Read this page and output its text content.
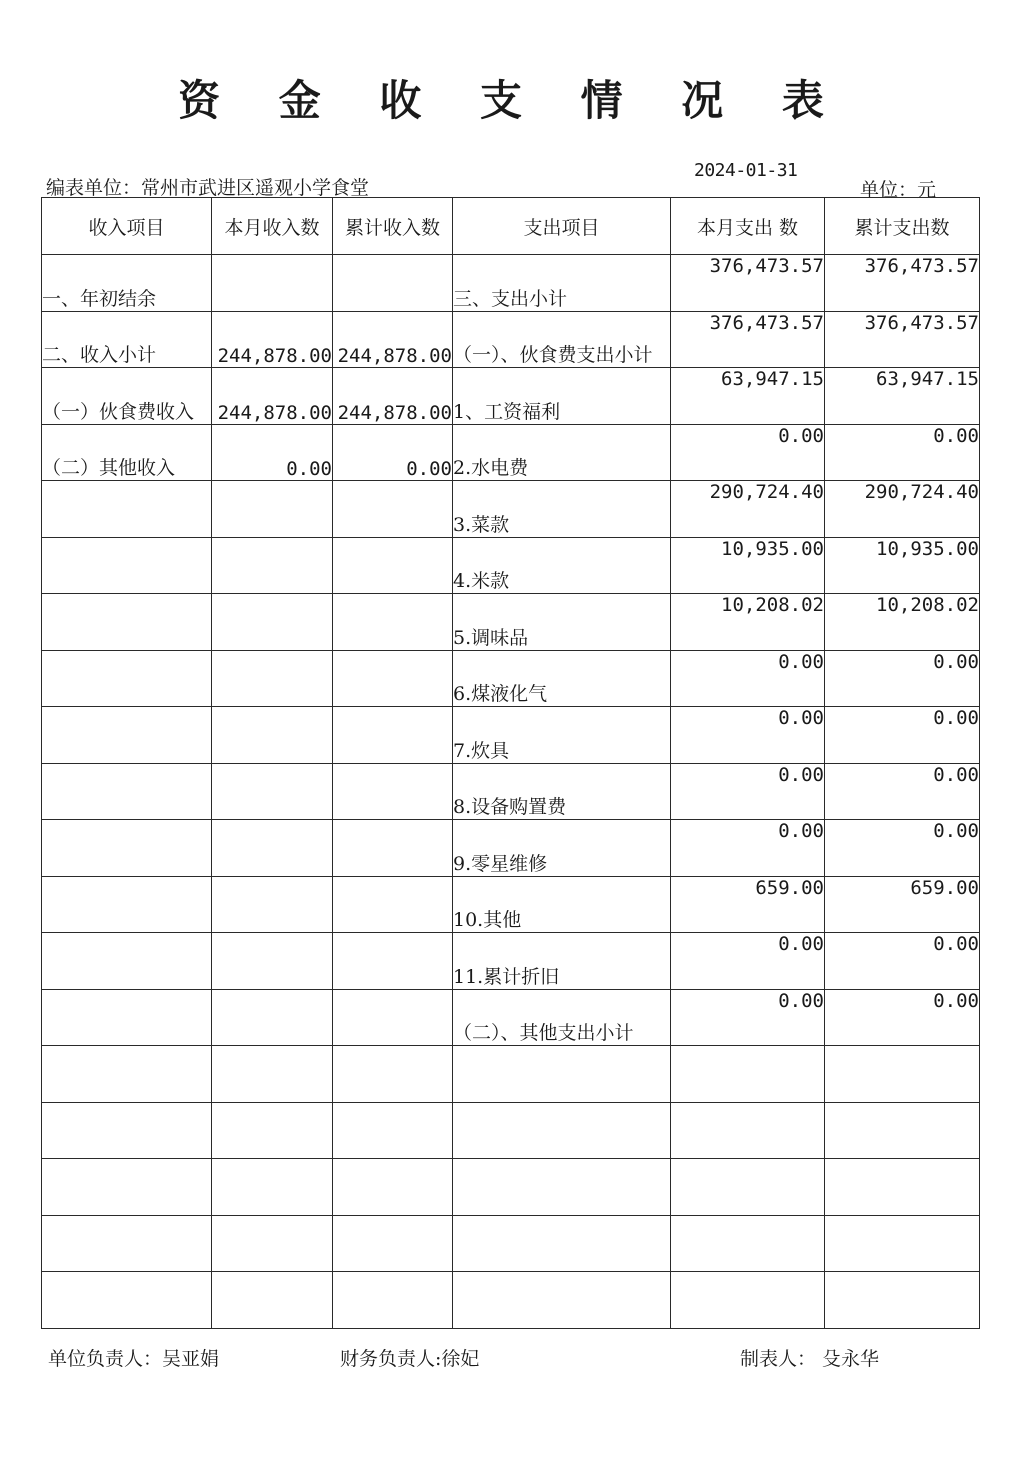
资 金 收 支 情 况 表
编表单位：常州市武进区遥观小学食堂
2024-01-31
单位：元
收入项目	本月收入数	累计收入数	支出项目	本月支出 数	累计支出数
一、年初结余			三、支出小计	376,473.57	376,473.57
二、收入小计	244,878.00	244,878.00	（一）、伙食费支出小计	376,473.57	376,473.57
（一）伙食费收入	244,878.00	244,878.00	1、工资福利	63,947.15	63,947.15
（二）其他收入	0.00	0.00	2.水电费	0.00	0.00
			3.菜款	290,724.40	290,724.40
			4.米款	10,935.00	10,935.00
			5.调味品	10,208.02	10,208.02
			6.煤液化气	0.00	0.00
			7.炊具	0.00	0.00
			8.设备购置费	0.00	0.00
			9.零星维修	0.00	0.00
			10.其他	659.00	659.00
			11.累计折旧	0.00	0.00
			（二）、其他支出小计	0.00	0.00

单位负责人：吴亚娟	财务负责人:徐妃	制表人： 殳永华
